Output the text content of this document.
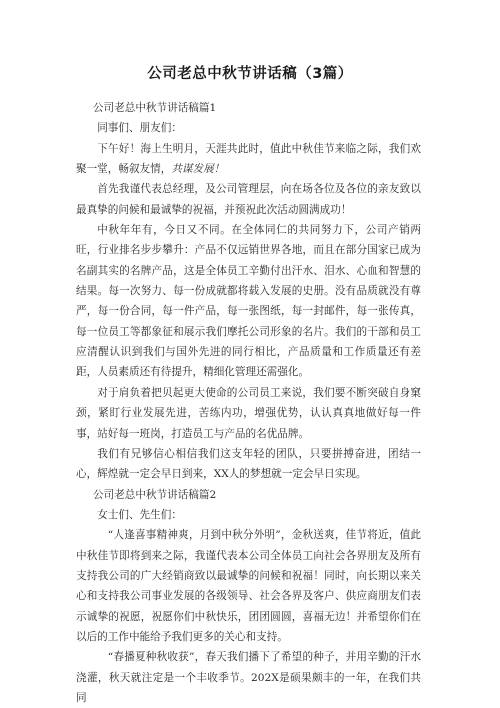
公司老总中秋节讲话稿（3篇）

公司老总中秋节讲话稿篇1

同事们、朋友们：

下午好！海上生明月，天涯共此时，值此中秋佳节来临之际，我们欢聚一堂，畅叙友情，共谋发展！

首先我谨代表总经理，及公司管理层，向在场各位及各位的亲友致以最真挚的问候和最诚挚的祝福，并预祝此次活动圆满成功！

中秋年年有，今日又不同。在全体同仁的共同努力下，公司产销两旺，行业排名步步攀升：产品不仅远销世界各地，而且在部分国家已成为名副其实的名牌产品，这是全体员工辛勤付出汗水、泪水、心血和智慧的结果。每一次努力、每一份成就都将载入发展的史册。没有品质就没有尊严，每一份合同，每一件产品，每一张图纸，每一封邮件，每一张传真，每一位员工等都象征和展示我们摩托公司形象的名片。我们的干部和员工应清醒认识到我们与国外先进的同行相比，产品质量和工作质量还有差距，人员素质还有待提升，精细化管理还需强化。

对于肩负着把贝起更大使命的公司员工来说，我们要不断突破自身窠颈，紧盯行业发展先进，苦练内功，增强优势，认认真真地做好每一件事，站好每一班岗，打造员工与产品的名优品牌。

我们有兄够信心相信我们这支年轻的团队，只要拼搏奋进，团结一心，辉煌就一定会早日到来，XX人的梦想就一定会早日实现。

公司老总中秋节讲话稿篇2

女士们、先生们：

“人逢喜事精神爽，月到中秋分外明”，金秋送爽，佳节将近，值此中秋佳节即将到来之际，我谨代表本公司全体员工向社会各界朋友及所有支持我公司的广大经销商致以最诚挚的问候和祝福！同时，向长期以来关心和支持我公司事业发展的各级领导、社会各界及客户、供应商朋友们表示诚挚的祝愿，祝愿你们中秋快乐，团团圆圆，喜福无边！并希望你们在以后的工作中能给予我们更多的关心和支持。

“春播夏种秋收获”，春天我们播下了希望的种子，并用辛勤的汗水浇灌，秋天就注定是一个丰收季节。202X是硕果颇丰的一年，在我们共同
